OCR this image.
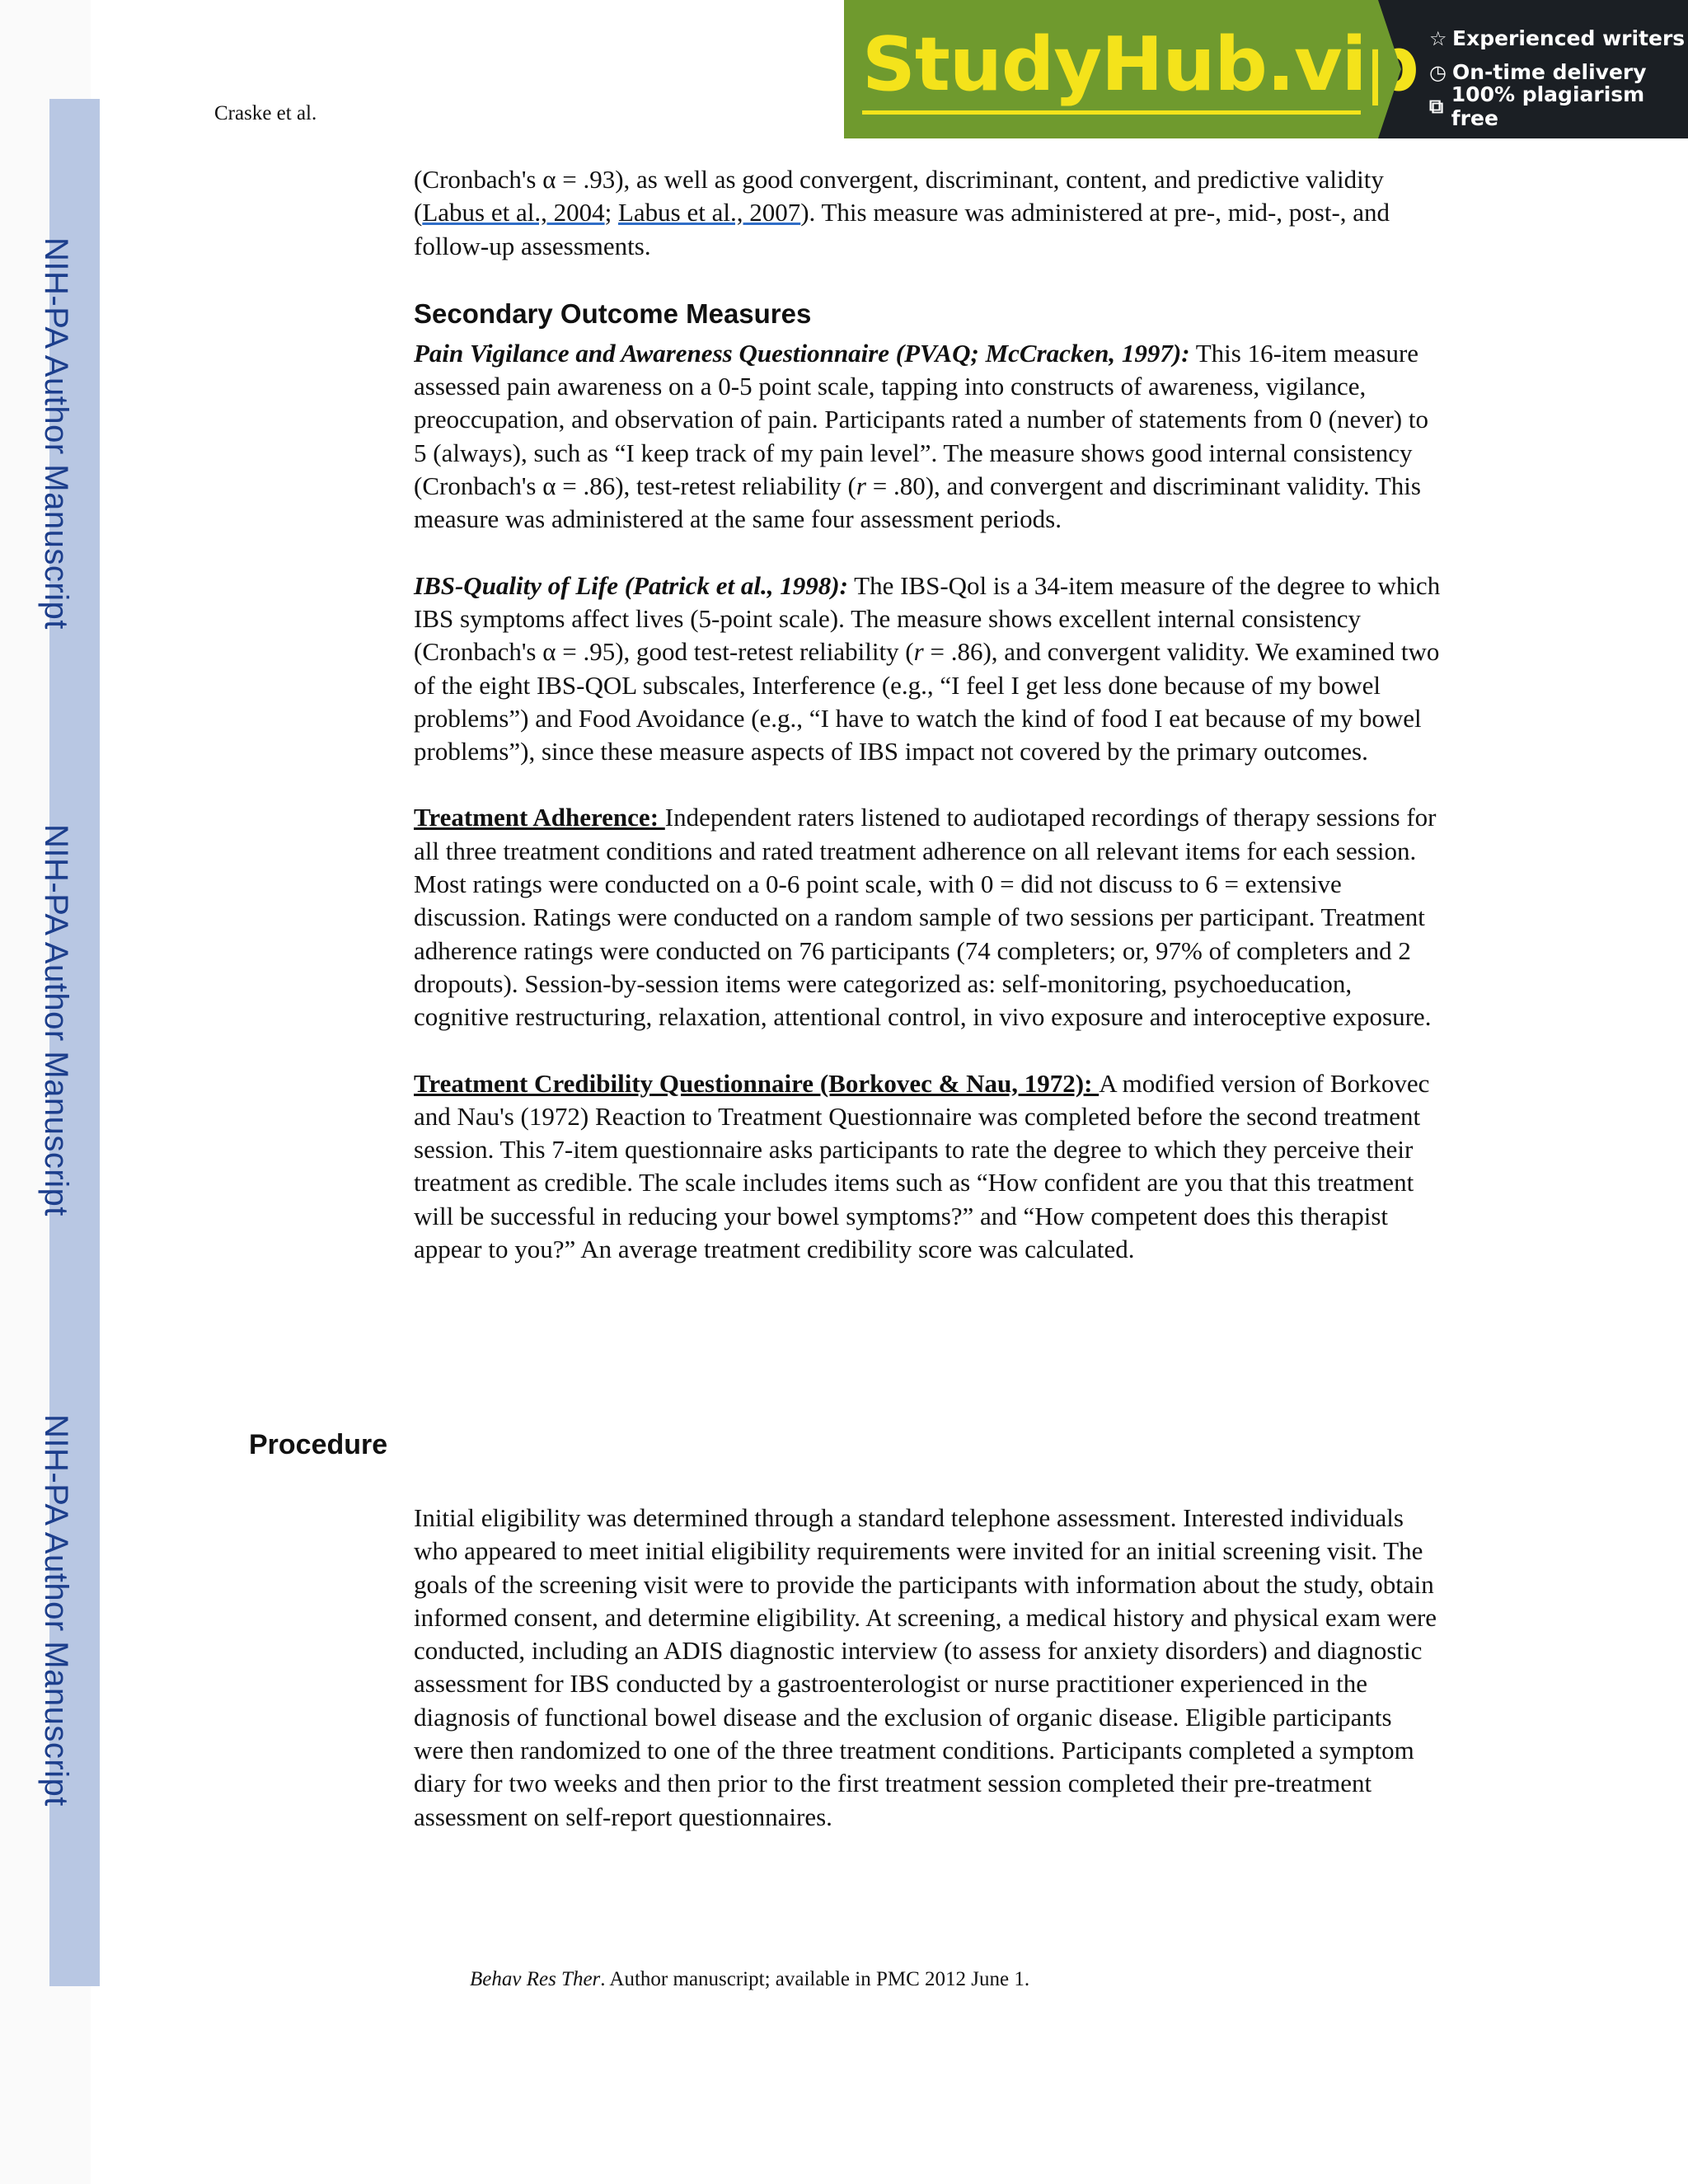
NIH-PA Author Manuscript
NIH-PA Author Manuscript
NIH-PA Author Manuscript
Craske et al.
StudyHub.vip ☆ Experienced writers
◷ On-time delivery
⧉ 100% plagiarism free

(Cronbach's α = .93), as well as good convergent, discriminant, content, and predictive validity (Labus et al., 2004; Labus et al., 2007). This measure was administered at pre-, mid-, post-, and follow-up assessments.

Secondary Outcome Measures

Pain Vigilance and Awareness Questionnaire (PVAQ; McCracken, 1997): This 16-item measure assessed pain awareness on a 0-5 point scale, tapping into constructs of awareness, vigilance, preoccupation, and observation of pain. Participants rated a number of statements from 0 (never) to 5 (always), such as “I keep track of my pain level”. The measure shows good internal consistency (Cronbach's α = .86), test-retest reliability (r = .80), and convergent and discriminant validity. This measure was administered at the same four assessment periods.

IBS-Quality of Life (Patrick et al., 1998): The IBS-Qol is a 34-item measure of the degree to which IBS symptoms affect lives (5-point scale). The measure shows excellent internal consistency (Cronbach's α = .95), good test-retest reliability (r = .86), and convergent validity. We examined two of the eight IBS-QOL subscales, Interference (e.g., “I feel I get less done because of my bowel problems”) and Food Avoidance (e.g., “I have to watch the kind of food I eat because of my bowel problems”), since these measure aspects of IBS impact not covered by the primary outcomes.

Treatment Adherence: Independent raters listened to audiotaped recordings of therapy sessions for all three treatment conditions and rated treatment adherence on all relevant items for each session. Most ratings were conducted on a 0-6 point scale, with 0 = did not discuss to 6 = extensive discussion. Ratings were conducted on a random sample of two sessions per participant. Treatment adherence ratings were conducted on 76 participants (74 completers; or, 97% of completers and 2 dropouts). Session-by-session items were categorized as: self-monitoring, psychoeducation, cognitive restructuring, relaxation, attentional control, in vivo exposure and interoceptive exposure.

Treatment Credibility Questionnaire (Borkovec & Nau, 1972): A modified version of Borkovec and Nau's (1972) Reaction to Treatment Questionnaire was completed before the second treatment session. This 7-item questionnaire asks participants to rate the degree to which they perceive their treatment as credible. The scale includes items such as “How confident are you that this treatment will be successful in reducing your bowel symptoms?” and “How competent does this therapist appear to you?” An average treatment credibility score was calculated.

Procedure

Initial eligibility was determined through a standard telephone assessment. Interested individuals who appeared to meet initial eligibility requirements were invited for an initial screening visit. The goals of the screening visit were to provide the participants with information about the study, obtain informed consent, and determine eligibility. At screening, a medical history and physical exam were conducted, including an ADIS diagnostic interview (to assess for anxiety disorders) and diagnostic assessment for IBS conducted by a gastroenterologist or nurse practitioner experienced in the diagnosis of functional bowel disease and the exclusion of organic disease. Eligible participants were then randomized to one of the three treatment conditions. Participants completed a symptom diary for two weeks and then prior to the first treatment session completed their pre-treatment assessment on self-report questionnaires.

Behav Res Ther. Author manuscript; available in PMC 2012 June 1.
